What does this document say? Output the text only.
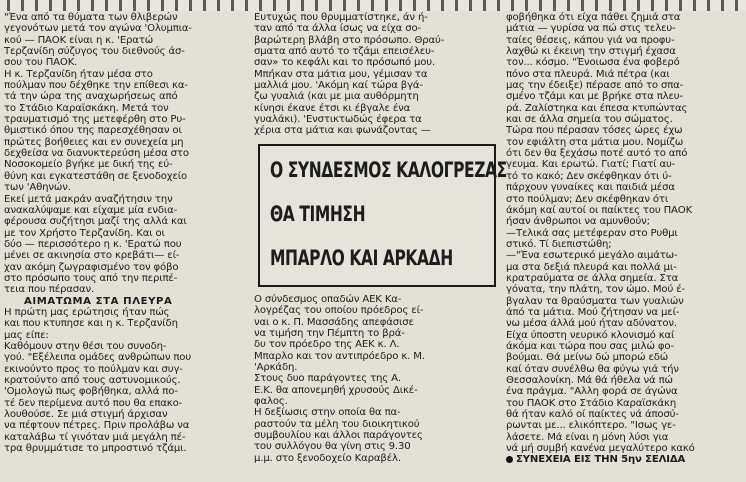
"Ένα από τα θύματα των θλιβερών
γεγονότων μετά τον αγώνα 'Ολυμπια-
κού — ΠΑΟΚ είναι η κ. 'Ερατώ
Τερζανίδη σύζυγος του διεθνούς άσ-
σου του ΠΑΟΚ.
Η κ. Τερζανίδη ήταν μέσα στο
πούλμαν που δέχθηκε την επίθεσι κα-
τά την ώρα της αναχωρήσεως από
το Στάδιο Καραϊσκάκη. Μετά τον
τραυματισμό της μετεφέρθη στο Ρυ-
θμιστικό όπου της παρεσχέθησαν οι
πρώτες βοήθειες και εν συνεχεία μη
δεχθείσα να διανυκτερεύση μέσα στο
Νοσοκομείο βγήκε με δική της εύ-
θύνη και εγκατεστάθη σε ξενοδοχείο
των 'Αθηνών.
Εκεί μετά μακράν αναζήτησιν την
ανακαλύψαμε και είχαμε μία ενδια-
φέρουσα συζήτησι μαζί της αλλά και
με τον Χρήστο Τερζανίδη. Και οι
δύο — περισσότερο η κ. 'Ερατώ που
μένει σε ακινησία στο κρεβάτι— εί-
χαν ακόμη ζωγραφισμένο τον φόβο
στο πρόσωπο τους από την περιπέ-
τεια που πέρασαν.
ΑΙΜΑΤΩΜΑ ΣΤΑ ΠΛΕΥΡΑ
Η πρώτη μας ερώτησις ήταν πώς
και που κτυπησε και η κ. Τερζανίδη
μας είπε:
Καθόμουν στην θέσι του συνοδη-
γού. "Εξέλειπα ομάδες ανθρώπων που
εκινούντο προς το πούλμαν και συγ-
κρατούντο από τους αστυνομικούς.
'Ομολογώ πως φοβήθηκα, αλλά πο-
τέ δεν περίμενα αυτό που θα επακο-
λουθούσε. Σε μιά στιγμή άρχισαν
να πέφτουν πέτρες. Πριν προλάβω να
καταλάβω τί γινόταν μιά μεγάλη πέ-
τρα θρυμμάτισε το μπροστινό τζάμι.
Ευτυχώς που θρυμματίστηκε, άν ή-
ταν από τα άλλα ίσως να είχα σο-
βαρώτερη βλάβη στο πρόσωπο. Θραύ-
σματα από αυτό το τζάμι επεισέλευ-
σαν» το κεφάλι και το πρόσωπό μου.
Μπήκαν στα μάτια μου, γέμισαν τα
μαλλιά μου. 'Ακόμη καί τώρα βγά-
ζω γυαλιά (και με μια αυθόρμητη
κίνησι έκανε έτσι κι έβγαλε ένα
γυαλάκι). 'Ενστικτωδώς έφερα τα
χέρια στα μάτια και φωνάζοντας —
Ο ΣΥΝΔΕΣΜΟΣ ΚΑΛΟΓΡΕΖΑΣ
ΘΑ ΤΙΜΗΣΗ
ΜΠΑΡΛΟ ΚΑΙ ΑΡΚΑΔΗ
Ο σύνδεσμος οπαδών ΑΕΚ Κα-
λογρέζας του οποίου πρόεδρος εί-
ναι ο κ. Π. Μασσάδης απεφάσισε
να τιμήση την Πέμπτη το βρά-
δυ τον πρόεδρο της ΑΕΚ κ. Λ.
Μπαρλο και τον αντιπρόεδρο κ. Μ.
'Αρκάδη.
Στους δυο παράγοντες της Α.
Ε.Κ. θα απονεμηθή χρυσούς Δικέ-
φαλος.
Η δεξίωσις στην οποία θα πα-
ραστούν τα μέλη του διοικητικού
συμβουλίου και άλλοι παράγοντες
του συλλόγου θα γίνη στις 9.30
μ.μ. στο ξενοδοχείο Καραβέλ.
φοβήθηκα ότι είχα πάθει ζημιά στα
μάτια — γυρίσα να πώ στις τελευ-
ταίες θέσεις, κάπου γιά να προφυ-
λαχθώ κι έκεινη την στιγμή έχασα
τον... κόσμο. "Ένοιωσα ένα φοβερό
πόνο στα πλευρά. Μιά πέτρα (και
μας την έδειξε) πέρασε από το σπα-
σμένο τζάμι και με βρήκε στα πλευ-
ρά. Ζαλίστηκα και έπεσα κτυπώντας
και σε άλλα σημεία του σώματος.
Τώρα που πέρασαν τόσες ώρες έχω
τον εφιάλτη στα μάτια μου. Νομίζω
ότι δεν θα ξεχάσω ποτέ αυτό το από
γευμα. Και ερωτώ. Γιατί; Γιατί αυ-
τό το κακό; Δεν σκέφθηκαν ότι ύ-
πάρχουν γυναίκες και παιδιά μέσα
στο πούλμαν; Δεν σκέφθηκαν ότι
άκόμη καί αυτοί οι παίκτες του ΠΑΟΚ
ήσαν άνθρωποι να αμυνθούν;
—Τελικά σας μετέφεραν στο Ρυθμι
στικό. Τί διεπιστώθη;
—"Ένα εσωτερικό μεγάλο αιμάτω-
μα στα δεξιά πλευρά και πολλά μι-
κρατραύματα σε άλλα σημεία. Στα
γόνατα, την πλάτη, τον ώμο. Μού έ-
βγαλαν τα θραύσματα των γυαλιών
άπό τα μάτια. Μού ζήτησαν να μεί-
νω μέσα άλλά μού ήταν αδύνατον.
Είχα ύποστη νευρικό κλονισμό καί
άκόμα και τώρα που σας μιλώ φο-
βούμαι. Θά μείνω δώ μπορώ εδώ
καί όταν συνέλθω θα φύγω γιά τήν
Θεσσαλονίκη. Μά θά ήθελα νά πώ
ένα πράγμα. "Αλλη φορά σε άγώνα
του ΠΑΟΚ στο Στάδιο Καραϊσκάκη
θά ήταν καλό οί παίκτες νά άποσύ-
ρωνται με... ελικόπτερο. "Ισως γε-
λάσετε. Μά είναι η μόνη λύσι για
νά μή συμβή κανένα μεγαλύτερο κακό
ΣΥΝΕΧΕΙΑ ΕΙΣ ΤΗΝ 5ην ΣΕΛΙΔΑ
